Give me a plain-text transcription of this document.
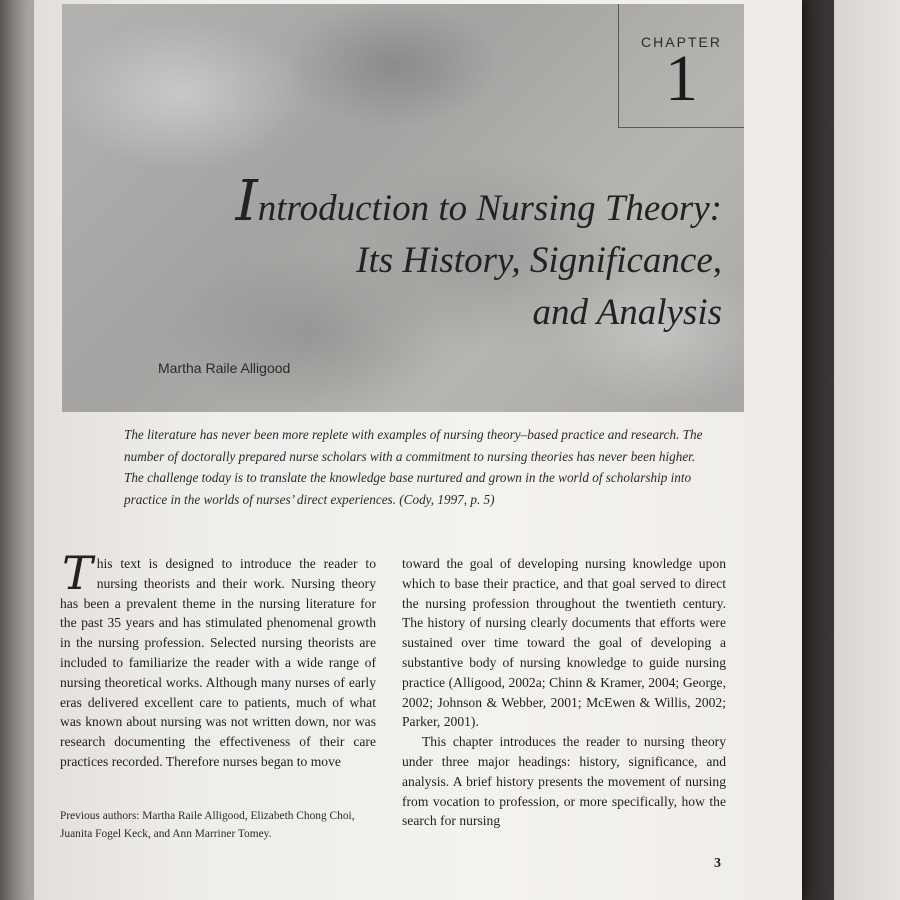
CHAPTER
1
Introduction to Nursing Theory:
Its History, Significance,
and Analysis
Martha Raile Alligood
The literature has never been more replete with examples of nursing theory–based practice and research. The number of doctorally prepared nurse scholars with a commitment to nursing theories has never been higher. The challenge today is to translate the knowledge base nurtured and grown in the world of scholarship into practice in the worlds of nurses’ direct experiences. (Cody, 1997, p. 5)

This text is designed to introduce the reader to nursing theorists and their work. Nursing theory has been a prevalent theme in the nursing literature for the past 35 years and has stimulated phenomenal growth in the nursing profession. Selected nursing theorists are included to familiarize the reader with a wide range of nursing theoretical works. Although many nurses of early eras delivered excellent care to patients, much of what was known about nursing was not written down, nor was research documenting the effectiveness of their care practices recorded. Therefore nurses began to move

toward the goal of developing nursing knowledge upon which to base their practice, and that goal served to direct the nursing profession throughout the twentieth century. The history of nursing clearly documents that efforts were sustained over time toward the goal of developing a substantive body of nursing knowledge to guide nursing practice (Alligood, 2002a; Chinn & Kramer, 2004; George, 2002; Johnson & Webber, 2001; McEwen & Willis, 2002; Parker, 2001).

This chapter introduces the reader to nursing theory under three major headings: history, significance, and analysis. A brief history presents the movement of nursing from vocation to profession, or more specifically, how the search for nursing

Previous authors: Martha Raile Alligood, Elizabeth Chong Choi, Juanita Fogel Keck, and Ann Marriner Tomey.
3
